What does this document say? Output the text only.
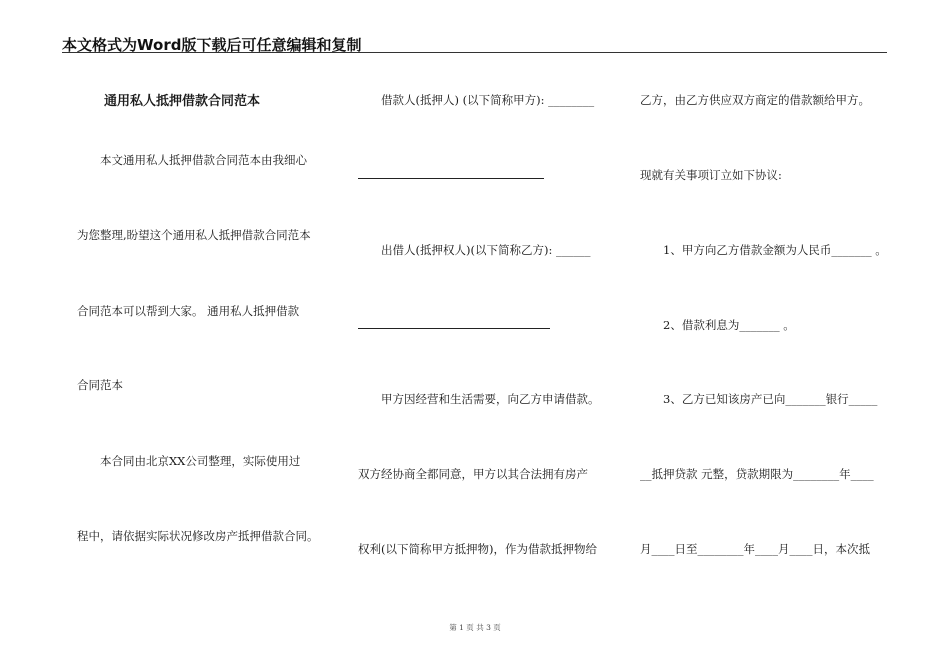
本文格式为Word版下载后可任意编辑和复制
通用私人抵押借款合同范本
本文通用私人抵押借款合同范本由我细心
为您整理,盼望这个通用私人抵押借款合同范本
合同范本可以帮到大家。 通用私人抵押借款
合同范本
本合同由北京XX公司整理，实际使用过
程中，请依据实际状况修改房产抵押借款合同。
借款人(抵押人) (以下简称甲方): ________
出借人(抵押权人)(以下简称乙方): ______
甲方因经营和生活需要，向乙方申请借款。
双方经协商全都同意，甲方以其合法拥有房产
权利(以下简称甲方抵押物)，作为借款抵押物给
乙方，由乙方供应双方商定的借款额给甲方。
现就有关事项订立如下协议:
1、甲方向乙方借款金额为人民币_______ 。
2、借款利息为_______ 。
3、乙方已知该房产已向_______银行_____
__抵押贷款 元整，贷款期限为________年____
月____日至________年____月____日，本次抵
第 1 页 共 3 页
